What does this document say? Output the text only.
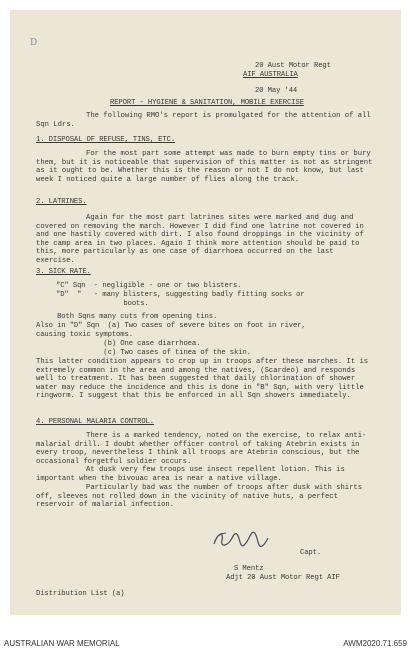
D
20 Aust Motor Regt
AIF AUSTRALIA
20 May '44
REPORT - HYGIENE & SANITATION, MOBILE EXERCISE
The following RMO's report is promulgated for the attention of all Sqn Ldrs.
1. DISPOSAL OF REFUSE, TINS, ETC.
For the most part some attempt was made to burn empty tins or bury them, but it is noticeable that supervision of this matter is not as stringent as it ought to be. Whether this is the reason or not I do not know, but last week I noticed quite a large number of flies along the track.
2. LATRINES.
Again for the most part latrines sites were marked and dug and covered on removing the march. However I did find one latrine not covered in and one hastily covered with dirt. I also found droppings in the vicinity of the camp area in two places. Again I think more attention should be paid to this, more particularly as one case of diarrhoea occurred on the last exercise.
3. SICK RATE.
"C" Sqn  - negligible - one or two blisters.
"D"  "   - many blisters, suggesting badly fitting socks or
boots.
Both Sqns many cuts from opening tins.
Also in "D" Sqn  (a) Two cases of severe bites on foot in river,
causing toxic symptoms.
(b) One case diarrhoea.
(c) Two cases of tinea of the skin.
This latter condition appears to crop up in troops after these marches. It is extremely common in the area and among the natives, (Scardeo) and responds well to treatment. It has been suggested that daily chlorination of shower water may reduce the incidence and this is done in "B" Sqn, with very little ringworm. I suggest that this be enforced in all Sqn showers immediately.
4. PERSONAL MALARIA CONTROL.
There is a marked tendency, noted on the exercise, to relax anti-malarial drill. I doubt whether officer control of taking Atebrin exists in every troop, nevertheless I think all troops are Atebrin conscious, but the occasional forgetful soldier occurs.
At dusk very few troops use insect repellent lotion. This is important when the bivouac area is near a native village.
Particularly bad was the number of troops after dusk with shirts off, sleeves not rolled down in the vicinity of native huts, a perfect reservoir of malarial infection.
Capt.
S Mentz
Adjt 20 Aust Motor Regt AIF
Distribution List (a)
AUSTRALIAN WAR MEMORIAL	AWM2020.71.659
